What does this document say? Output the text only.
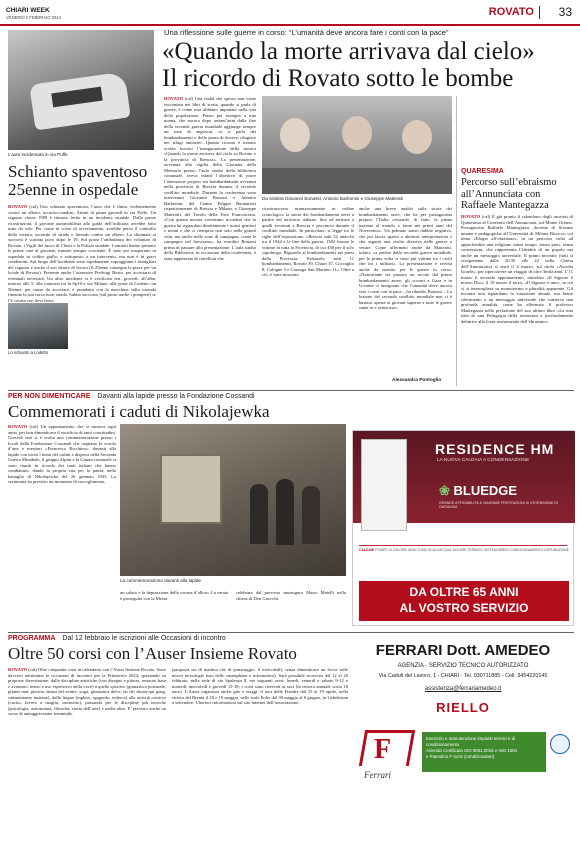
CHIARI WEEK
VENERDÌ 2 FEBBRAIO 2024	ROVATO 33
L’auto incidentata in via Poffe
Schianto spaventoso 25enne in ospedale
ROVATO (cal) Uno schianto spaventoso, l’auto che è finita, violentemente contro un albero, accartocciandosi. Attimi di paura giovedì in via Poffe. Un ragazzo classe 1999 è rimasto ferito in un incidente stradale. Dalle prime ricostruzioni, il giovane automobilista alla guida dell’utilitaria avrebbe fatto tutto da solo. Per cause in corso di accertamento, avrebbe perso il controllo della vettura, uscendo di strada e finendo contro un albero. La chiamata ai soccorsi è scattata poco dopo le 19, Sul posto l’ambulanza dei volontari di Rovato, i Vigili del fuoco di Chiari e la Polizia stradale. I sanitari hanno prestato le prime cure al giovane, rimasto sempre cosciente. È stato poi trasportato in ospedale in codice giallo, e sottoposto a un intervento, ma non è in gravi condizioni. Sul luogo dell’incidente sono rapidamente sopraggiunti i famigliari del ragazzo e anche il suo datore di lavoro (il 25enne consegna le pizze per un locale di Rovato). Presente anche l’assessore Pierluigi Bosio, per accertarsi di eventuali necessità. Un altro incidente si è verificato ieri, giovedì, all’alba, intorno alle 5, alla rotatoria tra la Sp16 e via Milano, alle porte di Lodetto: un 56enne, per cause da accertare, è piombato con la macchina sulla rotonda finendo la sua corsa fuori strada. Subito soccorso (sul posto anche i pompieri) se l’è cavata con lievi ferite.
Lo schianto a Lodetto
Una riflessione sulle guerre in corso: “L’umanità deve ancora fare i conti con la pace”
«Quando la morte arrivava dal cielo»
Il ricordo di Rovato sotto le bombe
ROVATO (cal) Una realtà che spesso non viene raccontata nei libri di storia, quando si parla di guerre, è come esse abbiano impattato nella vita della popolazione. Penso per esempio a mia nonna, che ancora dopo settant’anni dalla fine della seconda guerra mondiale aggiunge sempre un tono di angoscia, se si parla dei bombardamenti e della paura di doversi rifugiare nei rifugi antiaerei. Quanto riconta è tornato vivido mostro l’inaugurazione della mostra «Quando la morte arrivava dal cielo su Rovato e la provincia di Brescia». La presentazione, avvenuta alla vigilia della Giornata della Memoria presso l’aula studio della biblioteca comunale, aveva infatti l’obiettivo di porre l’attenzione proprio sui bombardamenti avvenuti nella provincia di Brescia durante il secondo conflitto mondiale. Durante la conferenza sono intervenuti Giovanni Bonassi e Antonio Barbonini, del Centro Filippo Buonarroti rispettivamente di Brescia e Milano, e Giuseppe Matteotti, del Tavolo della Pace Franciacorta. «Con questa mostra vorremmo ricordare che la guerra ha riguardato direttamente i nostri genitori e nonni e che ci riempiva non solo nelle grandi città, ma anche nelle zone di campagna, come le campagne nel bresciano», ha esordito Bonassi prima di passare alla presentazione. L’aula studio della Biblioteca, in occasione della conferenza, è stata tappezzata di cartelloni che
Da sinistra Giovanni Bonassi, Antonio Barbonini e Giuseppe Matteotti
ricostruiscono minuziosamente in ordine cronologico la storia dei bombardamenti aerei a partire dal territorio italiano, fino ad arrivare a quelli avvenuti a Brescia e provincia durante il conflitto mondiale. In particolare, si legge tra le righe dell’esposizione, «Brescia subì 52 attacchi tra il 1944 e la fine della guerra, 1302 furono le vittime in tutta la Provincia, di cui 438 per il solo capoluogo. Riguardo ai bombardamenti nei paesi della Provincia: Palazzolo subì 11 bombardamenti, Rovato 39, Chiari 37, Coccaglio 8, Cologne 3 e Cazzago San Martino 11». Oltre a ciò, è stata mostrata
anche una breve analisi sulla storia dei bombardamenti aerei, che ha per protagonista proprio l’Italia «essendo, di fatto, la prima nazione al mondo a farne nei primi anni del Novecento». Un pelmato senso dubbio negativo, che poi lascia spazio a ulteriori interpretazioni e che seguirà una svolta decisiva nelle guerre a venire. Come affermato anche da Matteotti, infatti, «a partire dalla seconda guerra mondiale, per la prima volta ci sono più vittime tra i civili che tra i militari». La presentazione è servita anche da monito per le guerre in corso. «Nonostante sia passato un secolo dal primo bombardamento aereo, gli scontri a Gaza e in Ucraina ci insegnano che l’umanità deve ancora fare i conti con la pace – ha ribadito Bonassi – La lezione del secondo conflitto mondiale non ci è bastata, aperta ai giovani saperne a tutte le guerre santa se e senza ma».
Alessandra Pontoglio
QUARESIMA
Percorso sull’ebraismo all’Annunciata con Raffaele Mantegazza
ROVATO (cal) È già pronto il calendario degli incontri di Quaresima al Convento dell’Annunciata, sul Monte Orfano. Protagonista Raffaele Mantegazza, docente di Scienze umane e pedagogiche all’Università di Milano Bicocca, col tema «Elogio all’ebraismo», in un percorso volto ad approfondire una religione senza tempo, senza preti, senza conversioni, che rappresenta l’identità di un popolo ma anche un messaggio universale. Il primo incontro (tutti si svolgeranno dalle 20.30 alle 22 nella Chiesa dell’Annunciata) si terrà il 4 marzo, sul titolo «Ascolta Israele», per ripercorrere un viaggio di oltre 3mila anni. L’11 marzo il secondo appuntamento, intitolato «Il Signore è nostro Dio»; il 18 marzo il terzo, «Il Signore è uno», in cui ci si interrogherà su monoteismo e pluralità apparente. Gli incontri non riguardano la situazione attuale, ma fanno riferimento a un messaggio universale che conserva una profonda attualità, come ha affermato il professor Mantegazza nella prefazione del suo ultimo libro «La mia idea di una Pedagogia della resistenza e profondamente debitrice alla forza resistenziale dell’ebraismo».
PER NON DIMENTICARE Davanti alla lapide presso la Fondazione Cossandi
Commemorati i caduti di Nikolajewka
ROVATO (cal) Un appuntamento che si rinnova ogni anno, per non dimenticare il sacrificio di tanti concittadini. Giovedì sera si è svolta una commemorazione presso i locali della Fondazione Cossandi che ospitano la scuola d’arte e mestieri «Francesco Ricchino»: davanti alla lapide con incisi i nomi dei caduti e dispersi nella Seconda Guerra Mondiale, il gruppo Alpini e la Giunta comunale si sono riuniti in ricordo dei tanti italiani che hanno combattuto, dando la propria vita per la patria, nella battaglia di Nikolajewka del 26 gennaio 1943. La cerimonia ha previsto un momento di raccoglimento,
La commemorazione davanti alla lapide
un saluto e la deposizione della corona d’alloro. La serata è proseguita con la Messa
celebrata dal prevosto monsignor Mario Metelli nella chiesa di Don Goocchi.
RESIDENCE HM
LA NUOVA CALDAIA A CONDENSAZIONE
❀ BLUEDGE
GRANDE AFFIDABILITÀ E MASSIME PRESTAZIONI DI ESTENSIONE DI GARANZIA
CALDAIE POMPE DI CALORE ARIA CLIMA SCALDACQUA SOLARE TERMICO SISTEMI IBRIDI CONDIZIONAMENTO DEPURAZIONE
DA OLTRE 65 ANNI
AL VOSTRO SERVIZIO
PROGRAMMA Dal 12 febbraio le iscrizioni alle Occasioni di incontro
Oltre 50 corsi con l’Auser Insieme Rovato
ROVATO (cal) Oltre cinquanta corsi in calendario con l’Auser Insieme Rovato. Sono davvero tantissime le occasioni di incontro per la Primavera 2024, spaziando su proposte diversissime: dalle discipline artistiche (con disegno e pittura, restauro base e avanzato, teatro e uso espressivo della voce) a quelle sportive (ginnastica posturale, pilates mat, piscina, danza del ventre, yoga, ginnastica dolce, tai chi chuan-qui gong, camminiamo insieme), dalle lingue (inglese, spagnolo, tedesco) alle attività creative (cucito, lavoro a maglia, uncinetto), passando per le discipline più teoriche (psicologia, astronomia, filosofia, storia dell’arte) e molte altre. E’ previsto anche un corso di antiaggressione femminile
(proposta sia di mattina che di pomeriggio, il mercoledì), senza dimenticare un focus sulle nuove tecnologie (uso dello smartphone e informatica). Sarà possibile iscriversi dal 12 al 20 febbraio, nella sede di via Spalenza 8, nei seguenti orari: lunedì, venerdì e sabato 9-12 e martedì, mercoledì e giovedì 15-18; i corsi sono riservati ai soci (la tessera annuale costa 18 euro). L’Auser organizza anche gite e viaggi: il tour delle Fiandre dal 15 al 19 aprile, nella riviera del Brenta il 18 e 19 maggio, nelle isole Eolie dal 30 maggio al 6 giugno, in Uzbekistan a settembre. Ulteriori informazioni sul sito internet dell’associazione.
FERRARI Dott. AMEDEO
AGENZIA - SERVIZIO TECNICO AUTORIZZATO
Via Caduti del Lavoro, 1 - CHIARI - Tel. 030711885 - Cell. 3454220145
assistenza@ferrariamedeo.it
RIELLO
F
Ferrari
Esercizio e manutenzione impianti termici e di condizionamento
Azienda Certificata ISO 9001:2015 e ISO 1504
e Patentino F-GAS (condizionatori)
